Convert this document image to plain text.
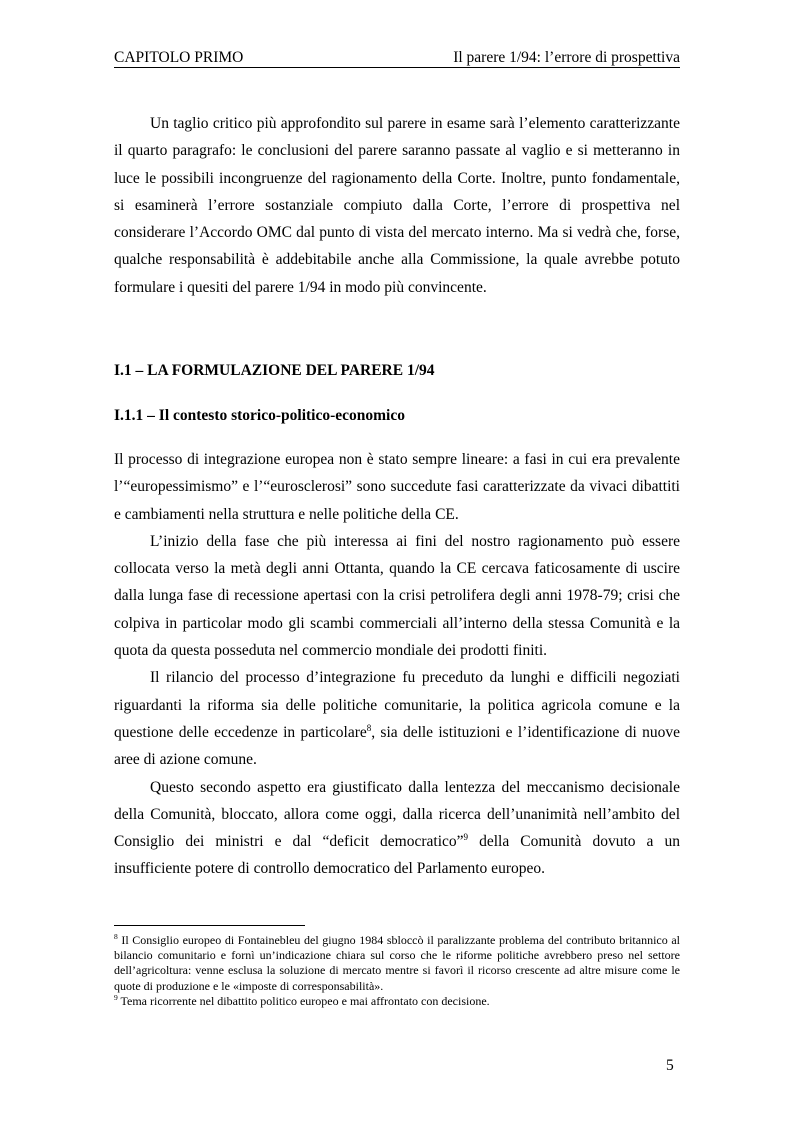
CAPITOLO PRIMO	Il parere 1/94: l’errore di prospettiva

Un taglio critico più approfondito sul parere in esame sarà l’elemento caratterizzante il quarto paragrafo: le conclusioni del parere saranno passate al vaglio e si metteranno in luce le possibili incongruenze del ragionamento della Corte. Inoltre, punto fondamentale, si esaminerà l’errore sostanziale compiuto dalla Corte, l’errore di prospettiva nel considerare l’Accordo OMC dal punto di vista del mercato interno. Ma si vedrà che, forse, qualche responsabilità è addebitabile anche alla Commissione, la quale avrebbe potuto formulare i quesiti del parere 1/94 in modo più convincente.

I.1 – LA FORMULAZIONE DEL PARERE 1/94
I.1.1 – Il contesto storico-politico-economico

Il processo di integrazione europea non è stato sempre lineare: a fasi in cui era prevalente l’“europessimismo” e l’“eurosclerosi” sono succedute fasi caratterizzate da vivaci dibattiti e cambiamenti nella struttura e nelle politiche della CE.

L’inizio della fase che più interessa ai fini del nostro ragionamento può essere collocata verso la metà degli anni Ottanta, quando la CE cercava faticosamente di uscire dalla lunga fase di recessione apertasi con la crisi petrolifera degli anni 1978-79; crisi che colpiva in particolar modo gli scambi commerciali all’interno della stessa Comunità e la quota da questa posseduta nel commercio mondiale dei prodotti finiti.

Il rilancio del processo d’integrazione fu preceduto da lunghi e difficili negoziati riguardanti la riforma sia delle politiche comunitarie, la politica agricola comune e la questione delle eccedenze in particolare$^8$, sia delle istituzioni e l’identificazione di nuove aree di azione comune.

Questo secondo aspetto era giustificato dalla lentezza del meccanismo decisionale della Comunità, bloccato, allora come oggi, dalla ricerca dell’unanimità nell’ambito del Consiglio dei ministri e dal “deficit democratico”$^9$ della Comunità dovuto a un insufficiente potere di controllo democratico del Parlamento europeo.

$^8$ Il Consiglio europeo di Fontainebleu del giugno 1984 sbloccò il paralizzante problema del contributo britannico al bilancio comunitario e fornì un’indicazione chiara sul corso che le riforme politiche avrebbero preso nel settore dell’agricoltura: venne esclusa la soluzione di mercato mentre si favorì il ricorso crescente ad altre misure come le quote di produzione e le «imposte di corresponsabilità».

$^9$ Tema ricorrente nel dibattito politico europeo e mai affrontato con decisione.

5
